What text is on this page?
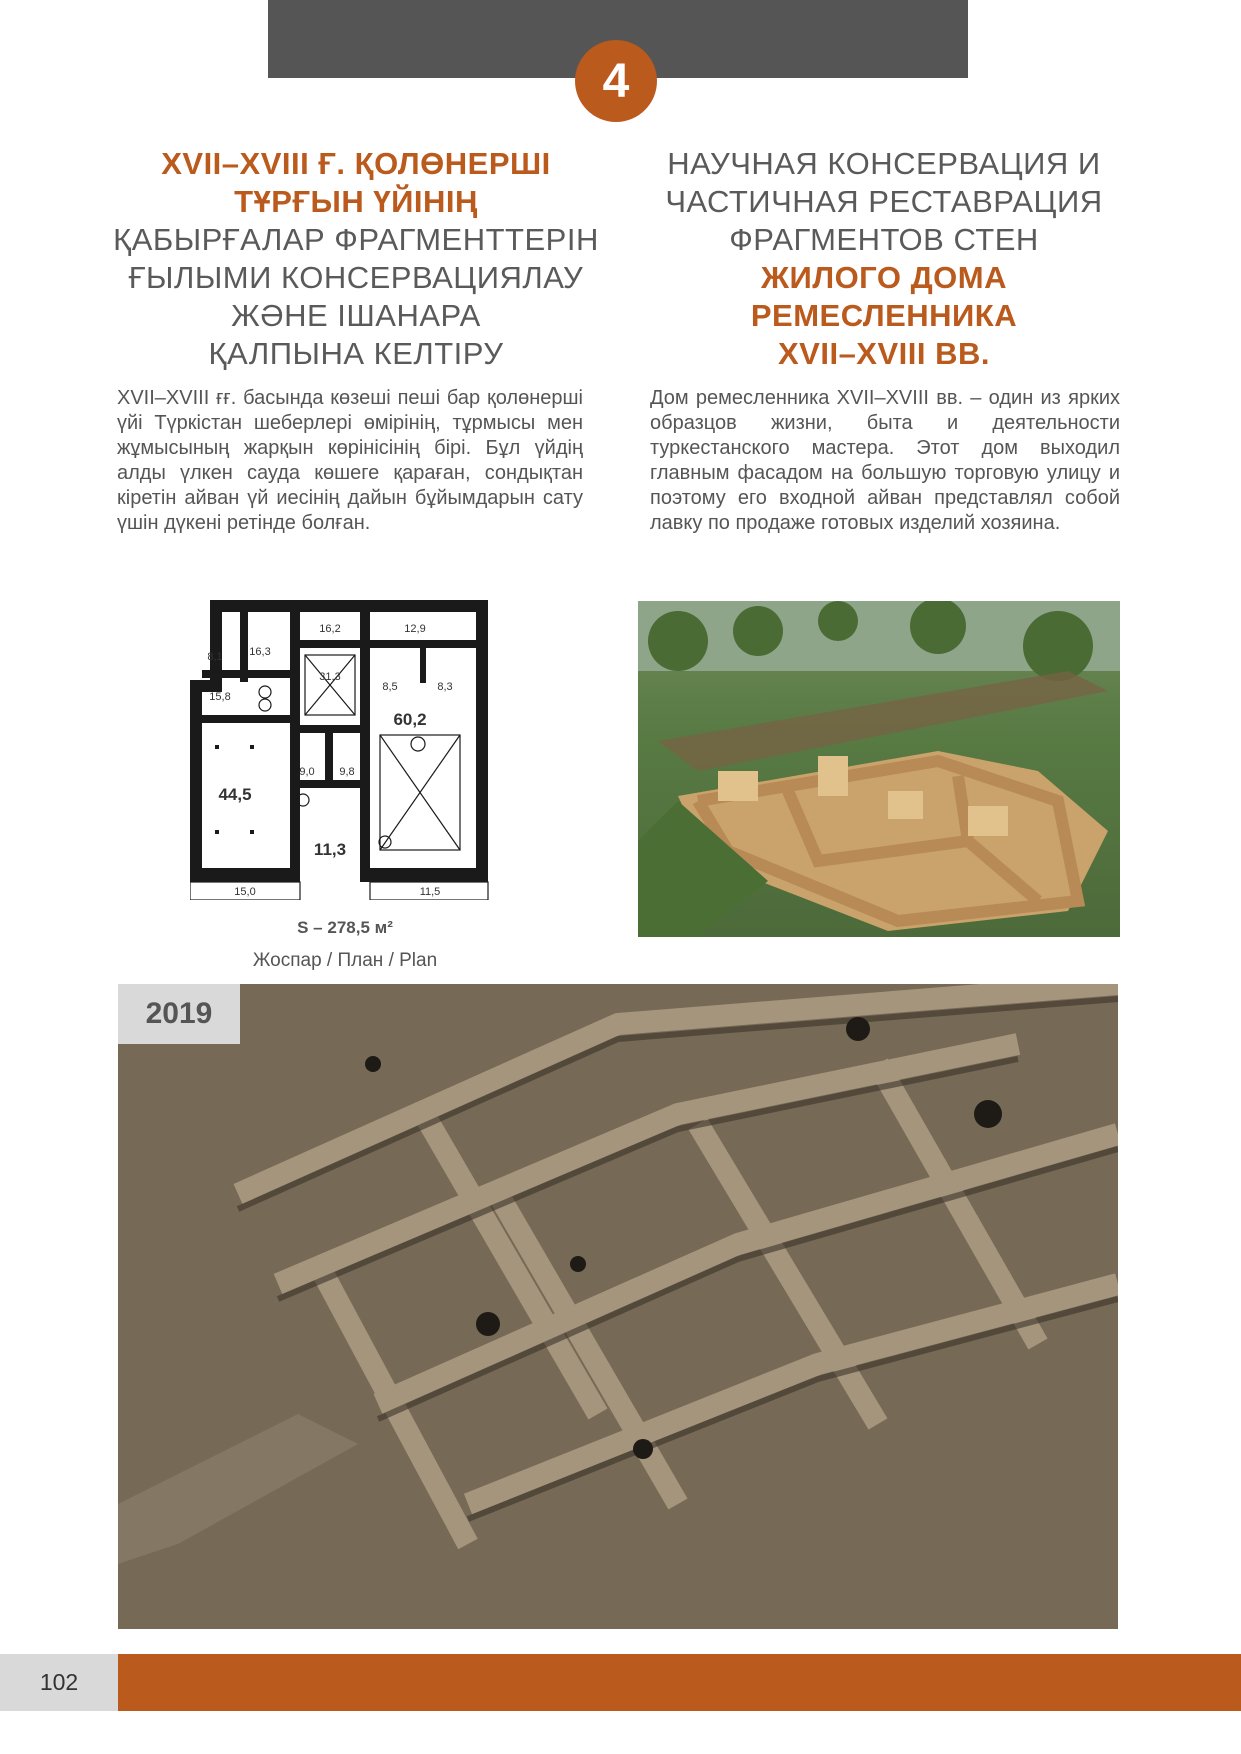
4
XVII–XVIII Ғ. ҚОЛӨНЕРШІ
ТҰРҒЫН ҮЙІНІҢ
ҚАБЫРҒАЛАР ФРАГМЕНТТЕРІН
ҒЫЛЫМИ КОНСЕРВАЦИЯЛАУ
ЖӘНЕ ІШАНАРА
ҚАЛПЫНА КЕЛТІРУ
НАУЧНАЯ КОНСЕРВАЦИЯ И
ЧАСТИЧНАЯ РЕСТАВРАЦИЯ
ФРАГМЕНТОВ СТЕН
ЖИЛОГО ДОМА
РЕМЕСЛЕННИКА
XVII–XVIII ВВ.

XVII–XVIII ғғ. басында көзеші пеші бар қолөнерші үйі Түркістан шеберлері өмірінің, тұрмысы мен жұмысының жарқын көрінісінің бірі. Бұл үйдің алды үлкен сауда көшеге қараған, сондықтан кіретін айван үй иесінің дайын бұйымдарын сату үшін дүкені ретінде болған.

Дом ремесленника XVII–XVIII вв. – один из ярких образцов жизни, быта и деятельности туркестанского мастера. Этот дом выходил главным фасадом на большую торговую улицу и поэтому его входной айван представлял собой лавку по продаже готовых изделий хозяина.

16,2	12,9
8,1 16,3
31,3
8,5	8,3
15,8
60,2
9,0 9,8
44,5
11,3
15,0	11,5
S – 278,5 м²
Жоспар / План / Plan
2019
102
